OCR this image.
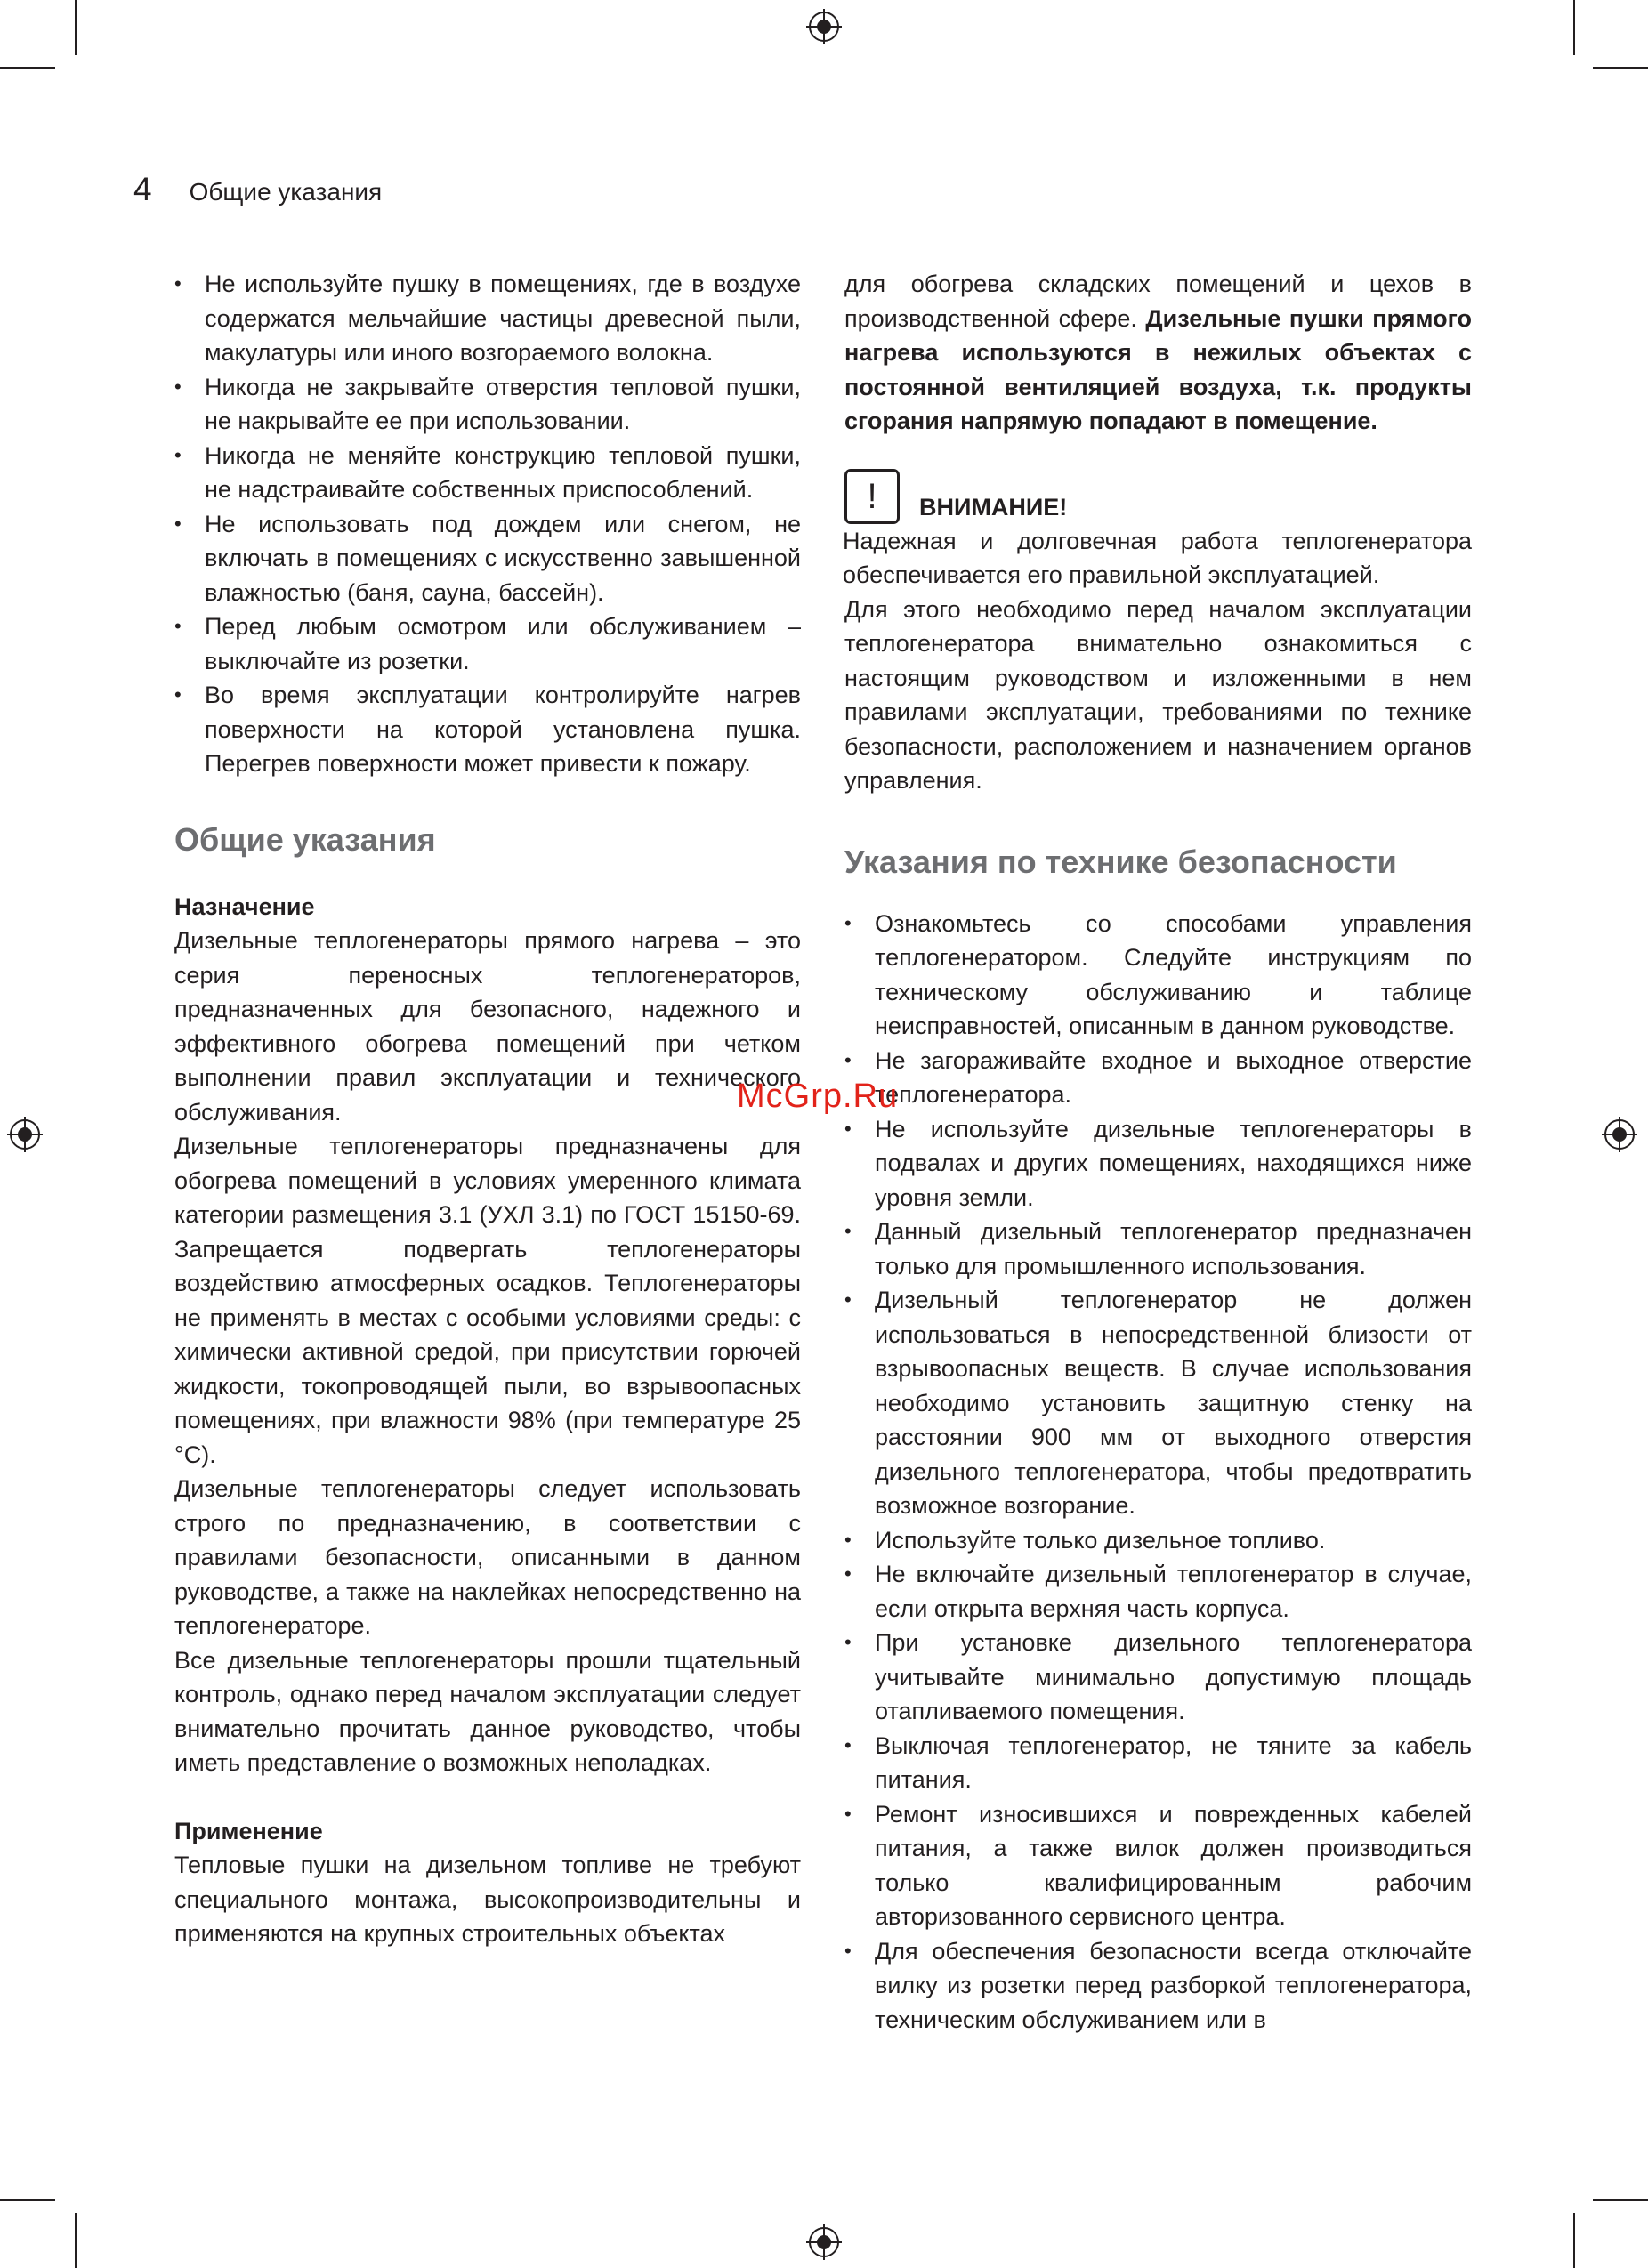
4 Общие указания
• Не используйте пушку в помещениях, где в воздухе содержатся мельчайшие частицы древесной пыли, макулатуры или иного возгораемого волокна.
• Никогда не закрывайте отверстия тепловой пушки, не накрывайте ее при использовании.
• Никогда не меняйте конструкцию тепловой пушки, не надстраивайте собственных приспособлений.
• Не использовать под дождем или снегом, не включать в помещениях с искусственно завышенной влажностью (баня, сауна, бассейн).
• Перед любым осмотром или обслуживанием – выключайте из розетки.
• Во время эксплуатации контролируйте нагрев поверхности на которой установлена пушка. Перегрев поверхности может привести к пожару.
Общие указания
Назначение

Дизельные теплогенераторы прямого нагрева – это серия переносных теплогенераторов, предназначенных для безопасного, надежного и эффективного обогрева помещений при четком выполнении правил эксплуатации и технического обслуживания.

Дизельные теплогенераторы предназначены для обогрева помещений в условиях умеренного климата категории размещения 3.1 (УХЛ 3.1) по ГОСТ 15150-69. Запрещается подвергать теплогенераторы воздействию атмосферных осадков. Теплогенераторы не применять в местах с особыми условиями среды: с химически активной средой, при присутствии горючей жидкости, токопроводящей пыли, во взрывоопасных помещениях, при влажности 98% (при температуре 25 °С).

Дизельные теплогенераторы следует использовать строго по предназначению, в соответствии с правилами безопасности, описанными в данном руководстве, а также на наклейках непосредственно на теплогенераторе.

Все дизельные теплогенераторы прошли тщательный контроль, однако перед началом эксплуатации следует внимательно прочитать данное руководство, чтобы иметь представление о возможных неполадках.

Применение

Тепловые пушки на дизельном топливе не требуют специального монтажа, высокопроизводительны и применяются на крупных строительных объектах

для обогрева складских помещений и цехов в производственной сфере. Дизельные пушки прямого нагрева используются в нежилых объектах с постоянной вентиляцией воздуха, т.к. продукты сгорания напрямую попадают в помещение.

!	ВНИМАНИЕ!

Надежная и долговечная работа теплогенератора обеспечивается его правильной эксплуатацией.

Для этого необходимо перед началом эксплуатации теплогенератора внимательно ознакомиться с настоящим руководством и изложенными в нем правилами эксплуатации, требованиями по технике безопасности, расположением и назначением органов управления.

Указания по технике безопасности
• Ознакомьтесь со способами управления теплогенератором. Следуйте инструкциям по техническому обслуживанию и таблице неисправностей, описанным в данном руководстве.
• Не загораживайте входное и выходное отверстие теплогенератора.
• Не используйте дизельные теплогенераторы в подвалах и других помещениях, находящихся ниже уровня земли.
• Данный дизельный теплогенератор предназначен только для промышленного использования.
• Дизельный теплогенератор не должен использоваться в непосредственной близости от взрывоопасных веществ. В случае использования необходимо установить защитную стенку на расстоянии 900 мм от выходного отверстия дизельного теплогенератора, чтобы предотвратить возможное возгорание.
• Используйте только дизельное топливо.
• Не включайте дизельный теплогенератор в случае, если открыта верхняя часть корпуса.
• При установке дизельного теплогенератора учитывайте минимально допустимую площадь отапливаемого помещения.
• Выключая теплогенератор, не тяните за кабель питания.
• Ремонт износившихся и поврежденных кабелей питания, а также вилок должен производиться только квалифицированным рабочим авторизованного сервисного центра.
• Для обеспечения безопасности всегда отключайте вилку из розетки перед разборкой теплогенератора, техническим обслуживанием или в
McGrp.Ru
